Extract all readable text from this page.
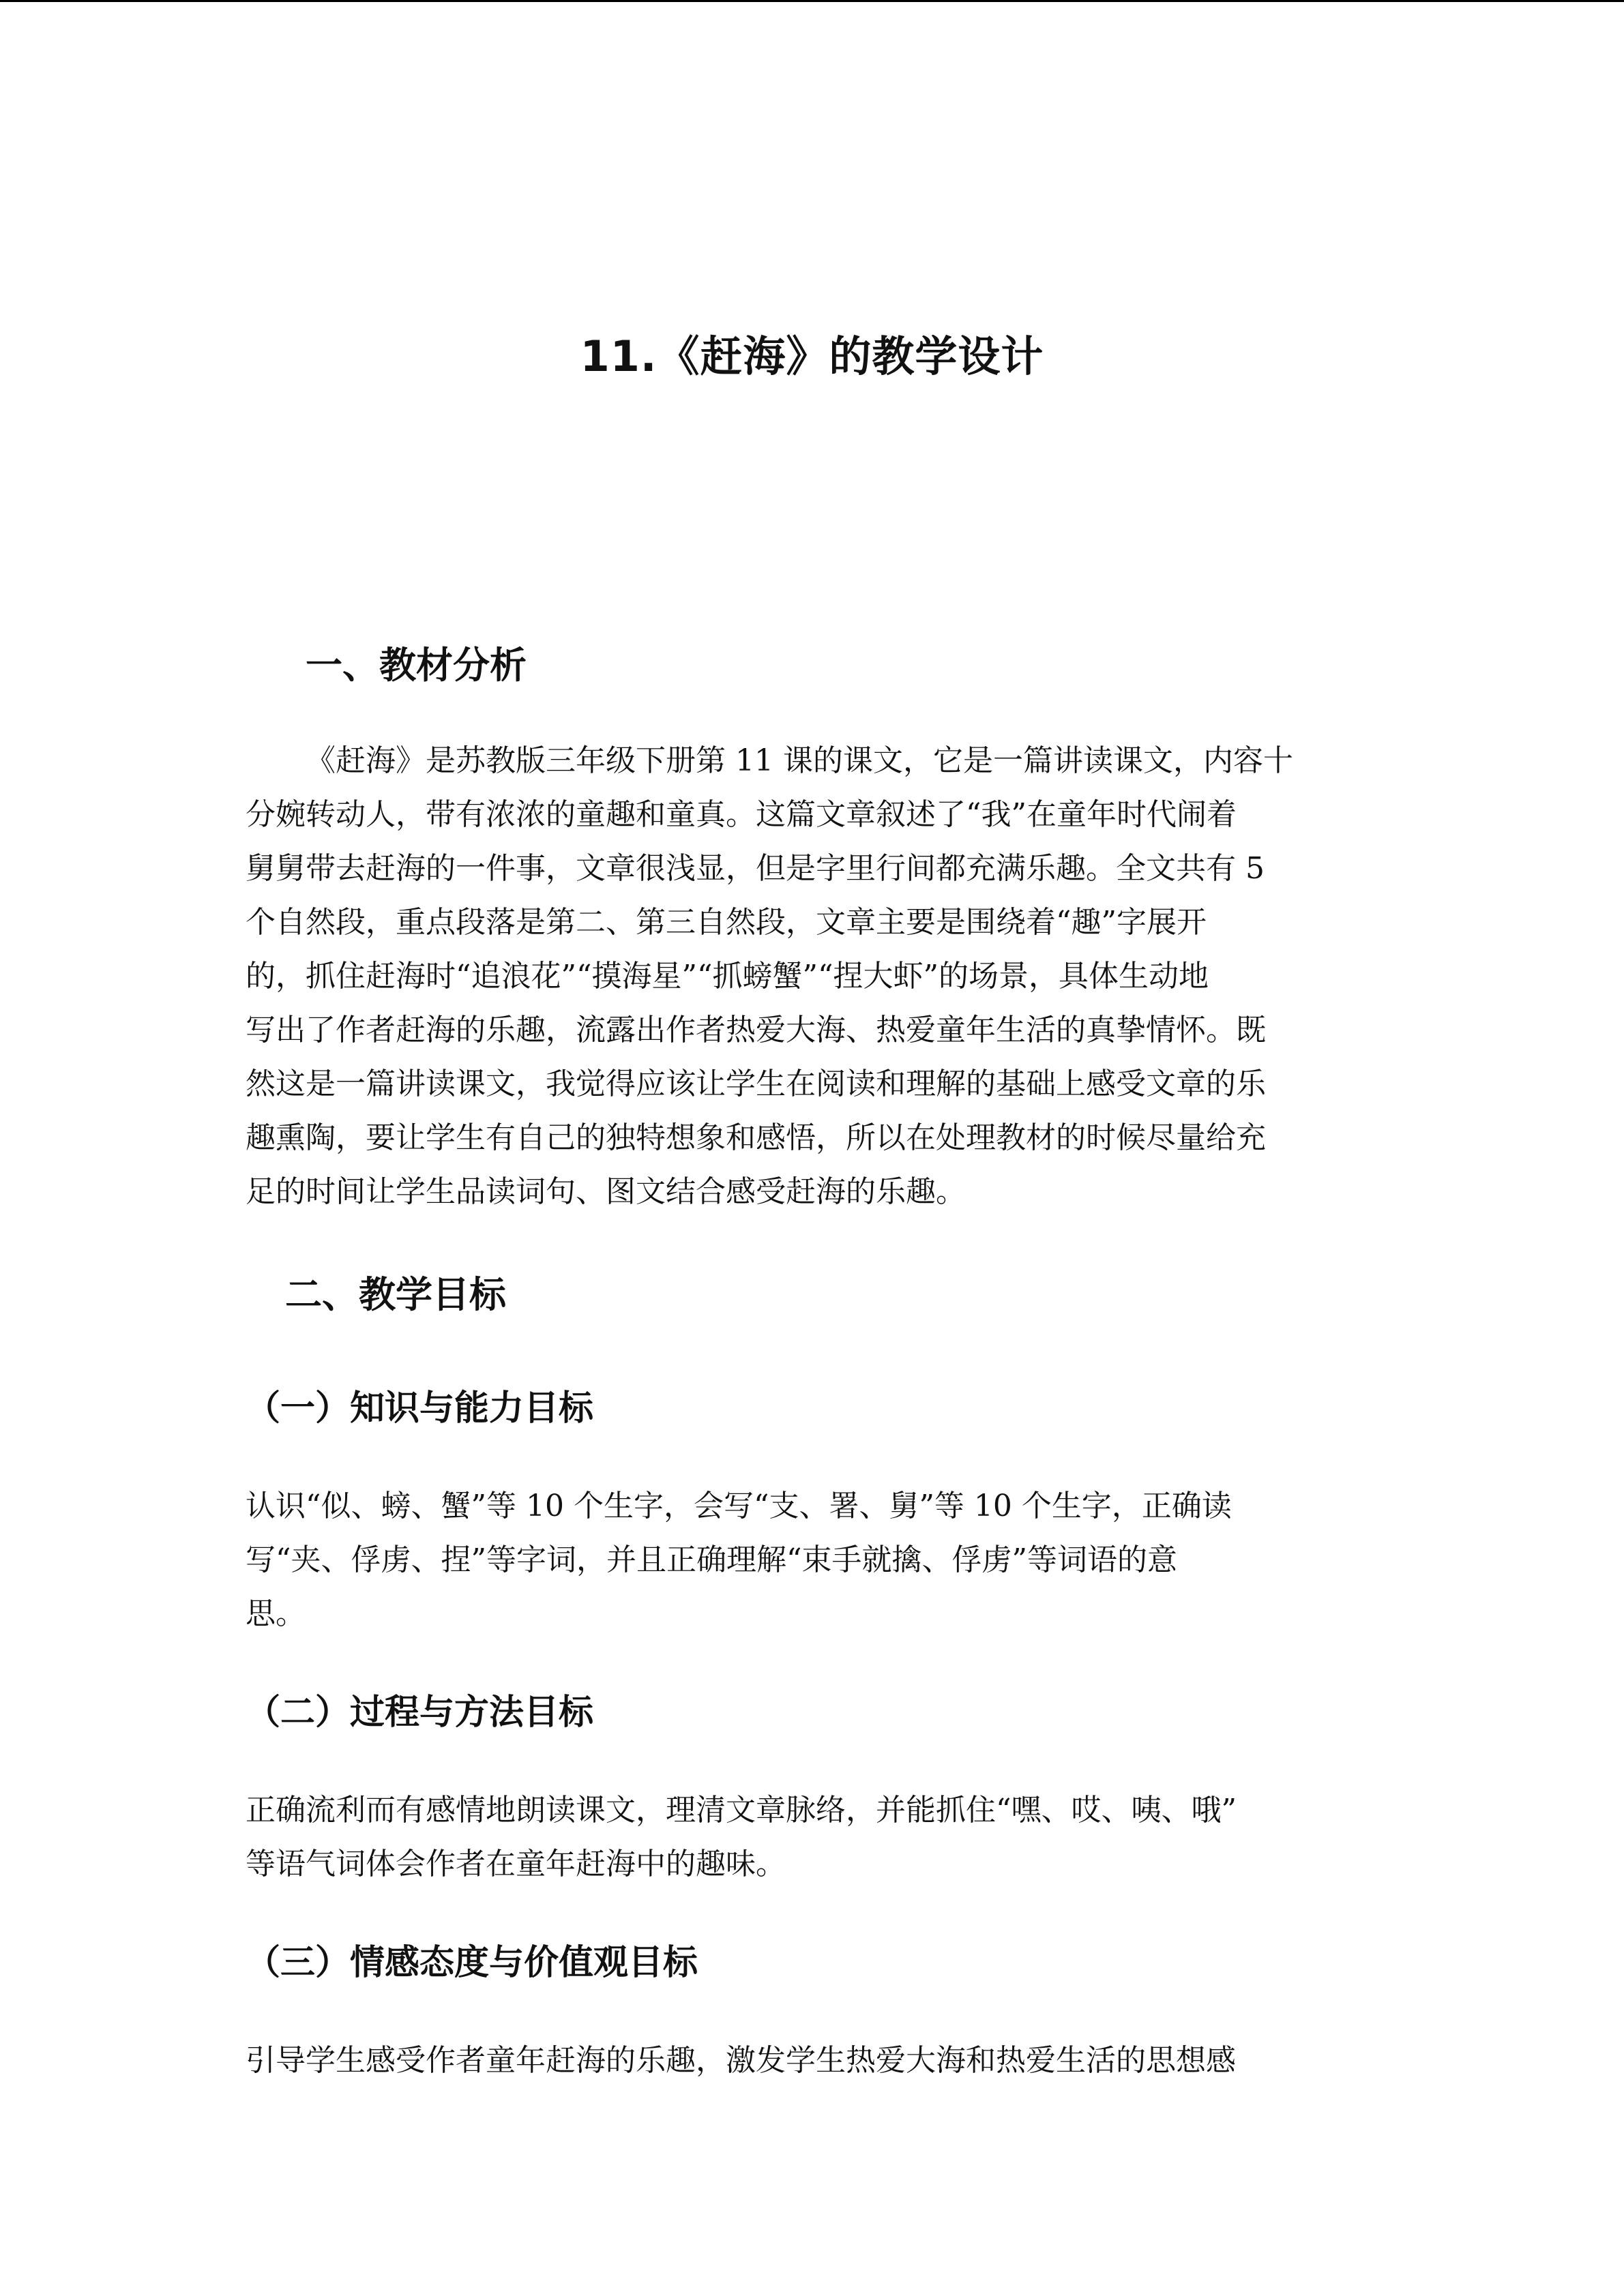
11.《赶海》的教学设计
一、教材分析
《赶海》是苏教版三年级下册第 11 课的课文，它是一篇讲读课文，内容十
分婉转动人，带有浓浓的童趣和童真。这篇文章叙述了“我”在童年时代闹着
舅舅带去赶海的一件事，文章很浅显，但是字里行间都充满乐趣。全文共有 5
个自然段，重点段落是第二、第三自然段，文章主要是围绕着“趣”字展开
的，抓住赶海时“追浪花”“摸海星”“抓螃蟹”“捏大虾”的场景，具体生动地
写出了作者赶海的乐趣，流露出作者热爱大海、热爱童年生活的真挚情怀。既
然这是一篇讲读课文，我觉得应该让学生在阅读和理解的基础上感受文章的乐
趣熏陶，要让学生有自己的独特想象和感悟，所以在处理教材的时候尽量给充
足的时间让学生品读词句、图文结合感受赶海的乐趣。
二、教学目标
（一）知识与能力目标
认识“似、螃、蟹”等 10 个生字，会写“支、署、舅”等 10 个生字，正确读
写“夹、俘虏、捏”等字词，并且正确理解“束手就擒、俘虏”等词语的意
思。
（二）过程与方法目标
正确流利而有感情地朗读课文，理清文章脉络，并能抓住“嘿、哎、咦、哦”
等语气词体会作者在童年赶海中的趣味。
（三）情感态度与价值观目标
引导学生感受作者童年赶海的乐趣，激发学生热爱大海和热爱生活的思想感
